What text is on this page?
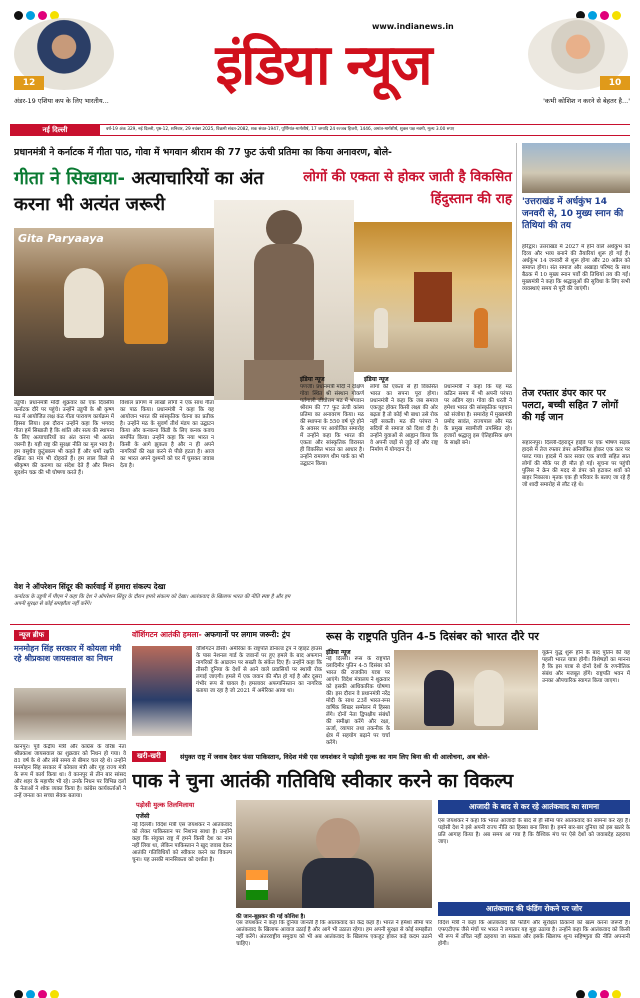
www.indianews.in
इंडिया न्यूज
12
अंडर-19 एशिया कप के लिए भारतीय...
10
'कभी कोशिश न करने से बेहतर है...'
नई दिल्ली	वर्ष-19 अंक 329, नई दिल्ली, पृष्ठ-12, शनिवार, 29 नवंबर 2025, विक्रमी संवत-2082, शक संवत-1947, पूर्णिमांत-मार्गशीर्ष, 17 जमादि 24 रज्जब हिजरी, 1446, अमांत-मार्गशीर्ष, शुक्ल पक्ष नवमी, मूल्य 3.00 रुपए
प्रधानमंत्री ने कर्नाटक में गीता पाठ, गोवा में भगवान श्रीराम की 77 फुट ऊंची प्रतिमा का किया अनावरण, बोले-
गीता ने सिखाया- अत्याचारियों का अंत करना भी अत्यंत जरूरी
लोगों की एकता से होकर जाती है विकसित हिंदुस्तान की राह
Gita Paryaaya
उडुपी। प्रधानमंत्री मोदी शुक्रवार को एक दिवसीय कर्नाटक दौरे पर पहुंचे। उन्होंने उडुपी के श्री कृष्ण मठ में आयोजित लक्ष कंठ गीता पारायण कार्यक्रम में हिस्सा लिया। इस दौरान उन्होंने कहा कि भगवद गीता हमें सिखाती है कि शांति और सत्य की स्थापना के लिए अत्याचारियों का अंत करना भी अत्यंत जरूरी है। यही राष्ट्र की सुरक्षा नीति का मूल भाव है। हम वसुधैव कुटुंबकम भी कहते हैं और धर्मो रक्षति रक्षितः का मंत्र भी दोहराते हैं। हम लाल किले से श्रीकृष्ण की करुणा का संदेश देते हैं और मिशन सुदर्शन चक्र की भी घोषणा करते हैं।
विशाल प्रांगण में लाखों लोगों ने एक साथ गीता का पाठ किया। प्रधानमंत्री ने कहा कि यह आयोजन भारत की सांस्कृतिक चेतना का प्रतीक है। उन्होंने मठ के सुवर्ण तीर्थ मंडप का उद्घाटन किया और कनकना किंडी के लिए कनक कवच समर्पित किया। उन्होंने कहा कि नया भारत न किसी के आगे झुकता है और न ही अपने नागरिकों की रक्षा करने से पीछे हटता है। आज का भारत अपने दुश्मनों को घर में घुसकर जवाब देता है।
इंडिया न्यूज
पणजी। प्रधानमंत्री मोदी ने दक्षिण गोवा स्थित श्री संस्थान गोकर्ण पर्तगाली जीवोत्तम मठ में भगवान श्रीराम की 77 फुट ऊंची कांस्य प्रतिमा का अनावरण किया। मठ की स्थापना के 550 वर्ष पूरे होने के अवसर पर आयोजित समारोह में उन्होंने कहा कि भारत की एकता और सांस्कृतिक विरासत ही विकसित भारत का आधार है। उन्होंने रामायण थीम पार्क का भी उद्घाटन किया।
लोगों की एकता से ही विकसित भारत का सपना पूरा होगा। प्रधानमंत्री ने कहा कि जब समाज एकजुट होकर किसी लक्ष्य की ओर बढ़ता है तो कोई भी बाधा उसे रोक नहीं सकती। मठ की परंपरा ने सदियों से समाज को दिशा दी है। उन्होंने युवाओं से आह्वान किया कि वे अपनी जड़ों से जुड़े रहें और राष्ट्र निर्माण में योगदान दें।
प्रधानमंत्री ने कहा कि यह मठ कठिन समय में भी अपनी परंपरा पर अडिग रहा। गोवा की धरती ने हमेशा भारत की सांस्कृतिक पहचान को संजोया है। समारोह में मुख्यमंत्री प्रमोद सावंत, राज्यपाल और मठ के प्रमुख स्वामीजी उपस्थित रहे। हजारों श्रद्धालु इस ऐतिहासिक क्षण के साक्षी बने।
इंडिया न्यूज
वेश ने ऑपरेशन सिंदूर की कार्रवाई में हमारा संकल्प देखा
कर्नाटक के उडुपी में पीएम ने कहा कि देश ने ऑपरेशन सिंदूर के दौरान हमारे संकल्प को देखा। आतंकवाद के खिलाफ भारत की नीति स्पष्ट है और हम अपनी सुरक्षा से कोई समझौता नहीं करेंगे।
'उत्तराखंड में अर्धकुंभ 14 जनवरी से, 10 मुख्य स्नान की तिथियां की तय
हरिद्वार। उत्तराखंड में 2027 में होने वाले अर्धकुंभ को दिव्य और भव्य बनाने की तैयारियां शुरू हो गई हैं। अर्धकुंभ 14 जनवरी से शुरू होगा और 20 अप्रैल को समाप्त होगा। संत समाज और अखाड़ा परिषद के साथ बैठक में 10 मुख्य स्नान पर्वों की तिथियां तय की गईं। मुख्यमंत्री ने कहा कि श्रद्धालुओं की सुविधा के लिए सभी व्यवस्थाएं समय से पूरी की जाएंगी।
तेज रफ्तार डंपर कार पर पलटा, बच्ची सहित 7 लोगों की गई जान
सहारनपुर। दिल्ली-देहरादून हाईवे पर एक भीषण सड़क हादसे में तेज रफ्तार डंपर अनियंत्रित होकर एक कार पर पलट गया। हादसे में कार सवार एक बच्ची सहित सात लोगों की मौके पर ही मौत हो गई। सूचना पर पहुंची पुलिस ने क्रेन की मदद से डंपर को हटाकर शवों को बाहर निकाला। मृतक एक ही परिवार के बताए जा रहे हैं जो शादी समारोह से लौट रहे थे।
न्यूज ब्रीफ
मनमोहन सिंह सरकार में कोयला मंत्री रहे श्रीप्रकाश जायसवाल का निधन
कानपुर। पूर्व केंद्रीय मंत्री और कांग्रेस के वरिष्ठ नेता श्रीप्रकाश जायसवाल का शुक्रवार को निधन हो गया। वे 81 वर्ष के थे और लंबे समय से बीमार चल रहे थे। उन्होंने मनमोहन सिंह सरकार में कोयला मंत्री और गृह राज्य मंत्री के रूप में कार्य किया था। वे कानपुर से तीन बार सांसद और शहर के महापौर भी रहे। उनके निधन पर विभिन्न दलों के नेताओं ने शोक व्यक्त किया है। कांग्रेस कार्यकर्ताओं ने उन्हें जनता का सच्चा सेवक बताया।
वॉशिंगटन आतंकी हमला- अफगानों पर लगाम जरूरी: ट्रंप
वॉशिंगटन डीसी। अमेरिका के राष्ट्रपति डोनाल्ड ट्रंप ने व्हाइट हाउस के पास नेशनल गार्ड के जवानों पर हुए हमले के बाद अफगान नागरिकों के आव्रजन पर सख्ती के संकेत दिए हैं। उन्होंने कहा कि तीसरी दुनिया के देशों से आने वाले प्रवासियों पर स्थायी रोक लगाई जाएगी। हमले में एक जवान की मौत हो गई है और दूसरा गंभीर रूप से घायल है। हमलावर अफगानिस्तान का नागरिक बताया जा रहा है जो 2021 में अमेरिका आया था।
रूस के राष्ट्रपति पुतिन 4-5 दिसंबर को भारत दौरे पर
इंडिया न्यूज
नई दिल्ली। रूस के राष्ट्रपति व्लादिमीर पुतिन 4-5 दिसंबर को भारत की राजकीय यात्रा पर आएंगे। विदेश मंत्रालय ने शुक्रवार को इसकी आधिकारिक घोषणा की। इस दौरान वे प्रधानमंत्री नरेंद्र मोदी के साथ 23वें भारत-रूस वार्षिक शिखर सम्मेलन में हिस्सा लेंगे। दोनों नेता द्विपक्षीय संबंधों की समीक्षा करेंगे और रक्षा, ऊर्जा, व्यापार तथा तकनीक के क्षेत्र में सहयोग बढ़ाने पर चर्चा करेंगे।
यूक्रेन युद्ध शुरू होने के बाद पुतिन की यह पहली भारत यात्रा होगी। विशेषज्ञों का मानना है कि इस यात्रा से दोनों देशों के रणनीतिक संबंध और मजबूत होंगे। राष्ट्रपति भवन में उनका औपचारिक स्वागत किया जाएगा।
खरी-खरी	संयुक्त राष्ट्र में जवाब देकर फंसा पाकिस्तान, विदेश मंत्री एस जयशंकर ने पड़ोसी मुल्क का नाम लिए बिना की थी आलोचना, अब बोले-
पाक ने चुना आतंकी गतिविधि स्वीकार करने का विकल्प
पड़ोसी मुल्क तिलमिलाया
एजेंसी
नई दिल्ली। विदेश मंत्री एस जयशंकर ने आतंकवाद को लेकर पाकिस्तान पर निशाना साधा है। उन्होंने कहा कि संयुक्त राष्ट्र में हमने किसी देश का नाम नहीं लिया था, लेकिन पाकिस्तान ने खुद जवाब देकर आतंकी गतिविधियों को स्वीकार करने का विकल्प चुना। यह उसकी मानसिकता को दर्शाता है।
की जान-बूझकर की गई कोशिश है।
एस जयशंकर ने कहा कि दुनिया जानती है कि आतंकवाद का केंद्र कहां है। भारत ने हमेशा सीमा पार आतंकवाद के खिलाफ आवाज उठाई है और आगे भी उठाता रहेगा। हम अपनी सुरक्षा से कोई समझौता नहीं करेंगे। अंतरराष्ट्रीय समुदाय को भी अब आतंकवाद के खिलाफ एकजुट होकर कड़े कदम उठाने चाहिए।
आजादी के बाद से कर रहे आतंकवाद का सामना
एस जयशंकर ने कहा कि भारत आजादी के बाद से ही सीमा पार आतंकवाद का सामना कर रहा है। पड़ोसी देश ने इसे अपनी राज्य नीति का हिस्सा बना लिया है। हमने बार-बार दुनिया को इस खतरे के प्रति आगाह किया है। अब समय आ गया है कि वैश्विक मंच पर ऐसे देशों को जवाबदेह ठहराया जाए।
आतंकवाद की फंडिंग रोकने पर जोर
विदेश मंत्री ने कहा कि आतंकवाद की फंडिंग और सुरक्षित ठिकानों को खत्म करना जरूरी है। एफएटीएफ जैसे मंचों पर भारत ने लगातार यह मुद्दा उठाया है। उन्होंने कहा कि आतंकवाद को किसी भी रूप में उचित नहीं ठहराया जा सकता और इसके खिलाफ शून्य सहिष्णुता की नीति अपनानी होगी।
